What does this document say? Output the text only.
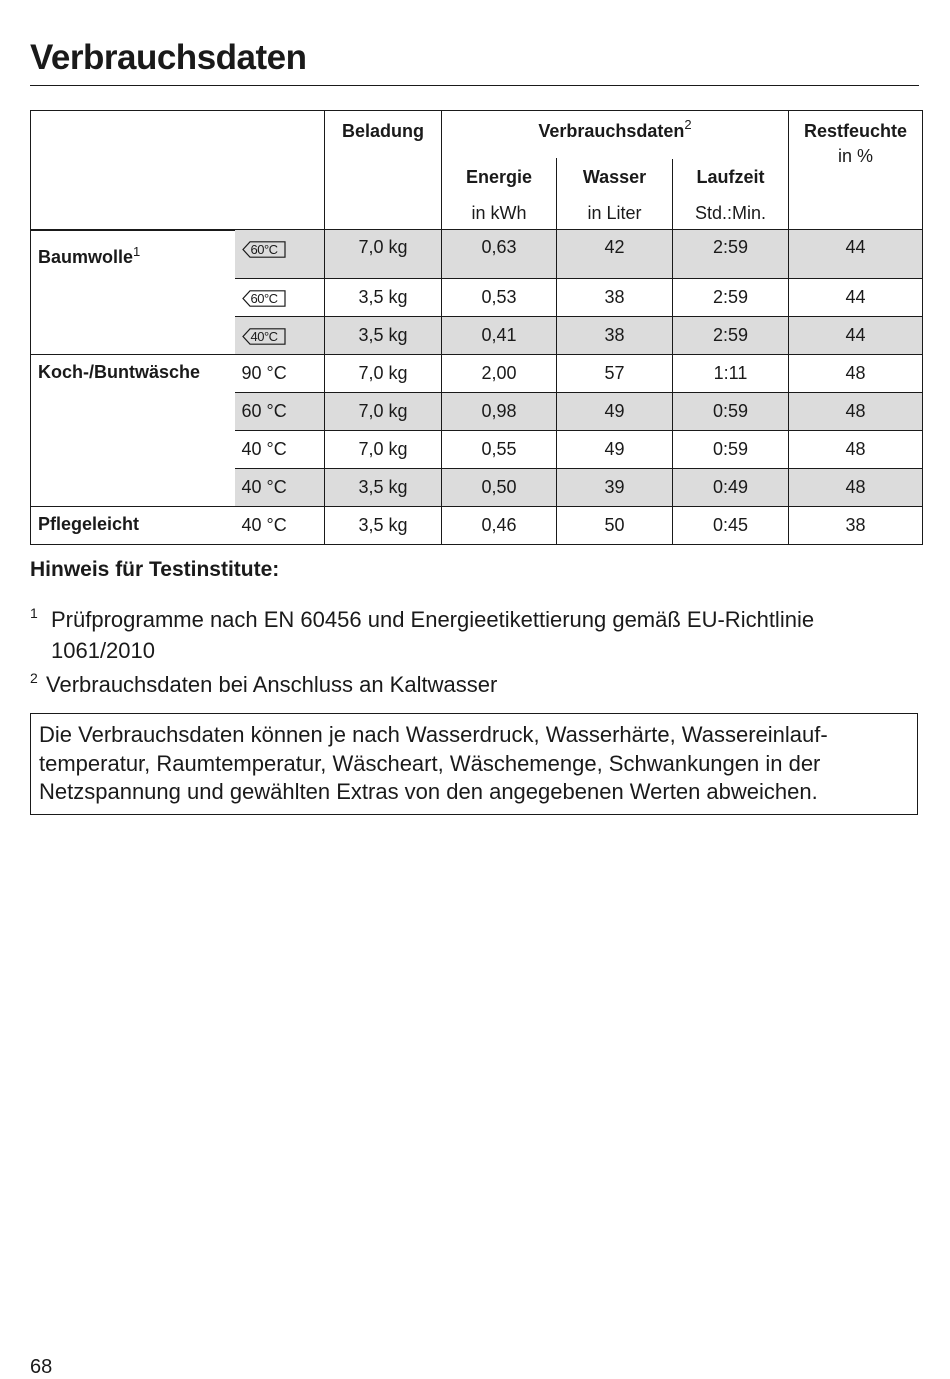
Verbrauchsdaten
	Beladung	Verbrauchsdaten$^2$			Restfeuchte
in %

		Energie	Wasser	Laufzeit	
		in kWh	in Liter	Std.:Min.	
Baumwolle$^1$	60°C	7,0 kg	0,63	42	2:59	44

	60°C	3,5 kg	0,53	38	2:59	44

	40°C	3,5 kg	0,41	38	2:59	44
Koch-/Buntwäsche	90 °C	7,0 kg	2,00	57	1:11	48
	60 °C	7,0 kg	0,98	49	0:59	48
	40 °C	7,0 kg	0,55	49	0:59	48
	40 °C	3,5 kg	0,50	39	0:49	48
Pflegeleicht	40 °C	3,5 kg	0,46	50	0:45	38
Hinweis für Testinstitute:
1 Prüfprogramme nach EN 60456 und Energieetikettierung gemäß EU-Richtlinie
1061/2010
2 Verbrauchsdaten bei Anschluss an Kaltwasser
Die Verbrauchsdaten können je nach Wasserdruck, Wasserhärte, Wassereinlauf-
temperatur, Raumtemperatur, Wäscheart, Wäschemenge, Schwankungen in der
Netzspannung und gewählten Extras von den angegebenen Werten abweichen.
68
